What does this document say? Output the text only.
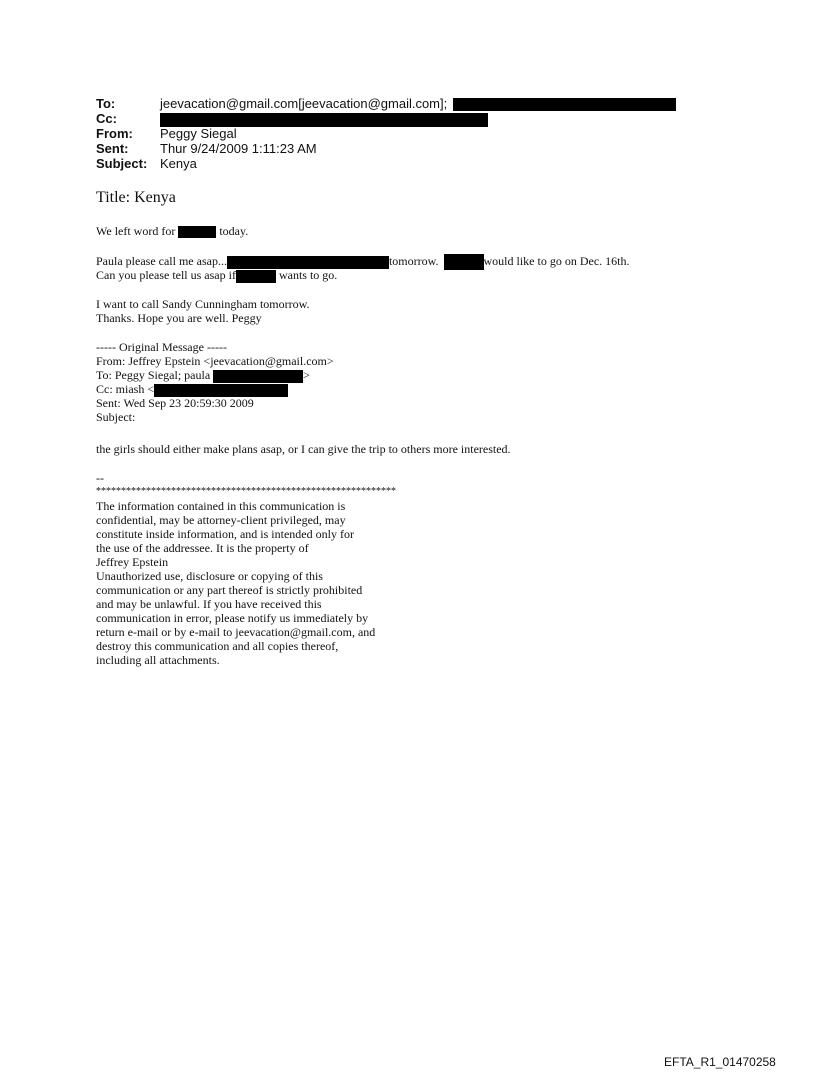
To:	jeevacation@gmail.com[jeevacation@gmail.com];
Cc:
From: Peggy Siegal
Sent: Thur 9/24/2009 1:11:23 AM
Subject: Kenya
Title: Kenya
We left word for	today.
Paula please call me asap...	tomorrow.	would like to go on Dec. 16th.
Can you please tell us asap if	wants to go.
I want to call Sandy Cunningham tomorrow.
Thanks. Hope you are well. Peggy
----- Original Message -----
From: Jeffrey Epstein <jeevacation@gmail.com>
To: Peggy Siegal; paula	>
Cc: miash <
Sent: Wed Sep 23 20:59:30 2009
Subject:
the girls should either make plans asap, or I can give the trip to others more interested.
--
************************************************************
The information contained in this communication is
confidential, may be attorney-client privileged, may
constitute inside information, and is intended only for
the use of the addressee. It is the property of
Jeffrey Epstein
Unauthorized use, disclosure or copying of this
communication or any part thereof is strictly prohibited
and may be unlawful. If you have received this
communication in error, please notify us immediately by
return e-mail or by e-mail to jeevacation@gmail.com, and
destroy this communication and all copies thereof,
including all attachments.
EFTA_R1_01470258
